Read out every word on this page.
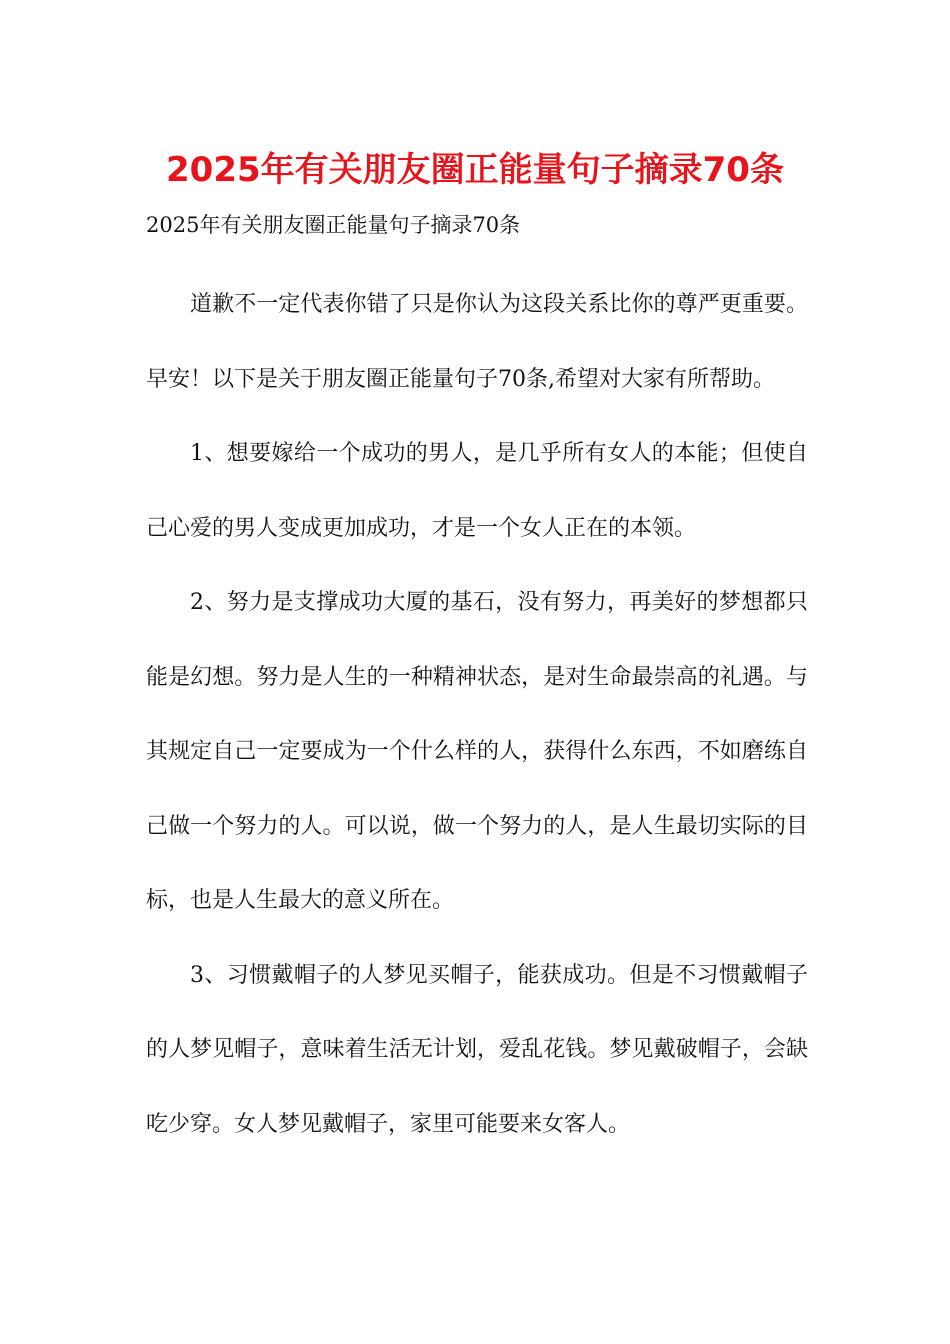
2025年有关朋友圈正能量句子摘录70条
2025年有关朋友圈正能量句子摘录70条

道歉不一定代表你错了只是你认为这段关系比你的尊严更重要。早安！以下是关于朋友圈正能量句子70条,希望对大家有所帮助。

1、想要嫁给一个成功的男人，是几乎所有女人的本能；但使自己心爱的男人变成更加成功，才是一个女人正在的本领。

2、努力是支撑成功大厦的基石，没有努力，再美好的梦想都只能是幻想。努力是人生的一种精神状态，是对生命最崇高的礼遇。与其规定自己一定要成为一个什么样的人，获得什么东西，不如磨练自己做一个努力的人。可以说，做一个努力的人，是人生最切实际的目标，也是人生最大的意义所在。

3、习惯戴帽子的人梦见买帽子，能获成功。但是不习惯戴帽子的人梦见帽子，意味着生活无计划，爱乱花钱。梦见戴破帽子，会缺吃少穿。女人梦见戴帽子，家里可能要来女客人。
